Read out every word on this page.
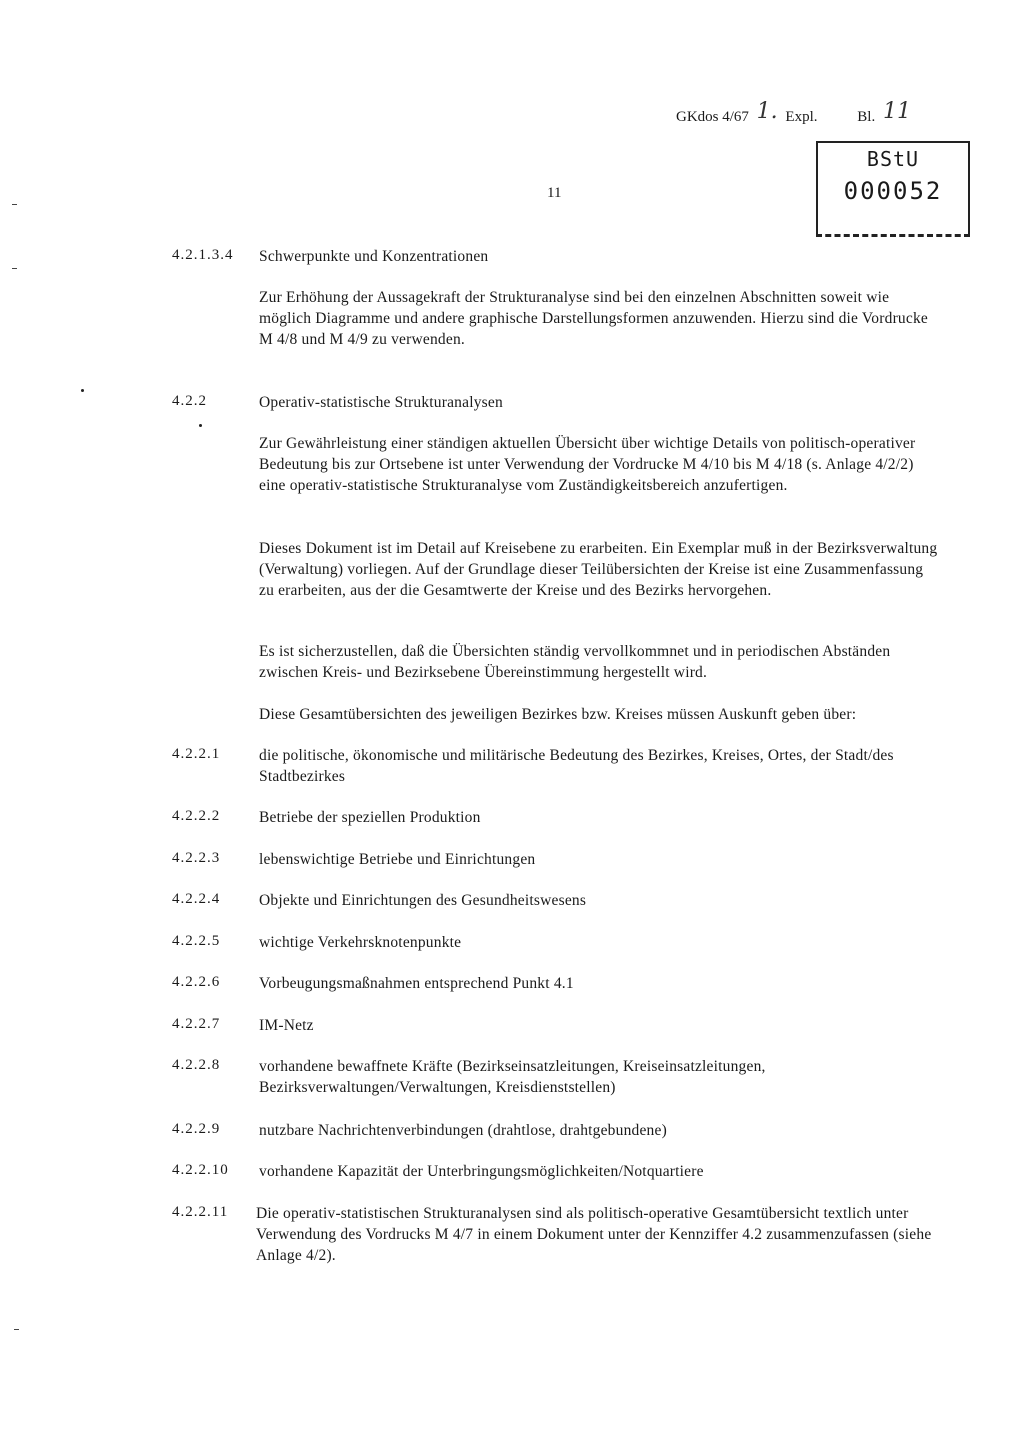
GKdos 4/67 1. Expl.	Bl. 11
BStU
000052
11
4.2.1.3.4 Schwerpunkte und Konzentrationen
Zur Erhöhung der Aussagekraft der Strukturanalyse sind bei den einzelnen Abschnitten soweit wie möglich Diagramme und andere graphische Darstellungsformen anzuwenden. Hierzu sind die Vordrucke M 4/8 und M 4/9 zu verwenden.
4.2.2	Operativ-statistische Strukturanalysen
Zur Gewährleistung einer ständigen aktuellen Übersicht über wichtige Details von politisch-operativer Bedeutung bis zur Ortsebene ist unter Verwendung der Vordrucke M 4/10 bis M 4/18 (s. Anlage 4/2/2) eine operativ-statistische Strukturanalyse vom Zuständigkeitsbereich anzufertigen.
Dieses Dokument ist im Detail auf Kreisebene zu erarbeiten. Ein Exemplar muß in der Bezirksverwaltung (Verwaltung) vorliegen. Auf der Grundlage dieser Teilübersichten der Kreise ist eine Zusammenfassung zu erarbeiten, aus der die Gesamtwerte der Kreise und des Bezirks hervorgehen.
Es ist sicherzustellen, daß die Übersichten ständig vervollkommnet und in periodischen Abständen zwischen Kreis- und Bezirksebene Übereinstimmung hergestellt wird.
Diese Gesamtübersichten des jeweiligen Bezirkes bzw. Kreises müssen Auskunft geben über:
4.2.2.1	die politische, ökonomische und militärische Bedeutung des Bezirkes, Kreises, Ortes, der Stadt/des Stadtbezirkes
4.2.2.2	Betriebe der speziellen Produktion
4.2.2.3	lebenswichtige Betriebe und Einrichtungen
4.2.2.4	Objekte und Einrichtungen des Gesundheitswesens
4.2.2.5	wichtige Verkehrsknotenpunkte
4.2.2.6	Vorbeugungsmaßnahmen entsprechend Punkt 4.1
4.2.2.7	IM-Netz
4.2.2.8	vorhandene bewaffnete Kräfte (Bezirkseinsatzleitungen, Kreiseinsatzleitungen, Bezirksverwaltungen/Verwaltungen, Kreisdienststellen)
4.2.2.9	nutzbare Nachrichtenverbindungen (drahtlose, drahtgebundene)
4.2.2.10 vorhandene Kapazität der Unterbringungsmöglichkeiten/Notquartiere
4.2.2.11 Die operativ-statistischen Strukturanalysen sind als politisch-operative Gesamtübersicht textlich unter Verwendung des Vordrucks M 4/7 in einem Dokument unter der Kennziffer 4.2 zusammenzufassen (siehe Anlage 4/2).
